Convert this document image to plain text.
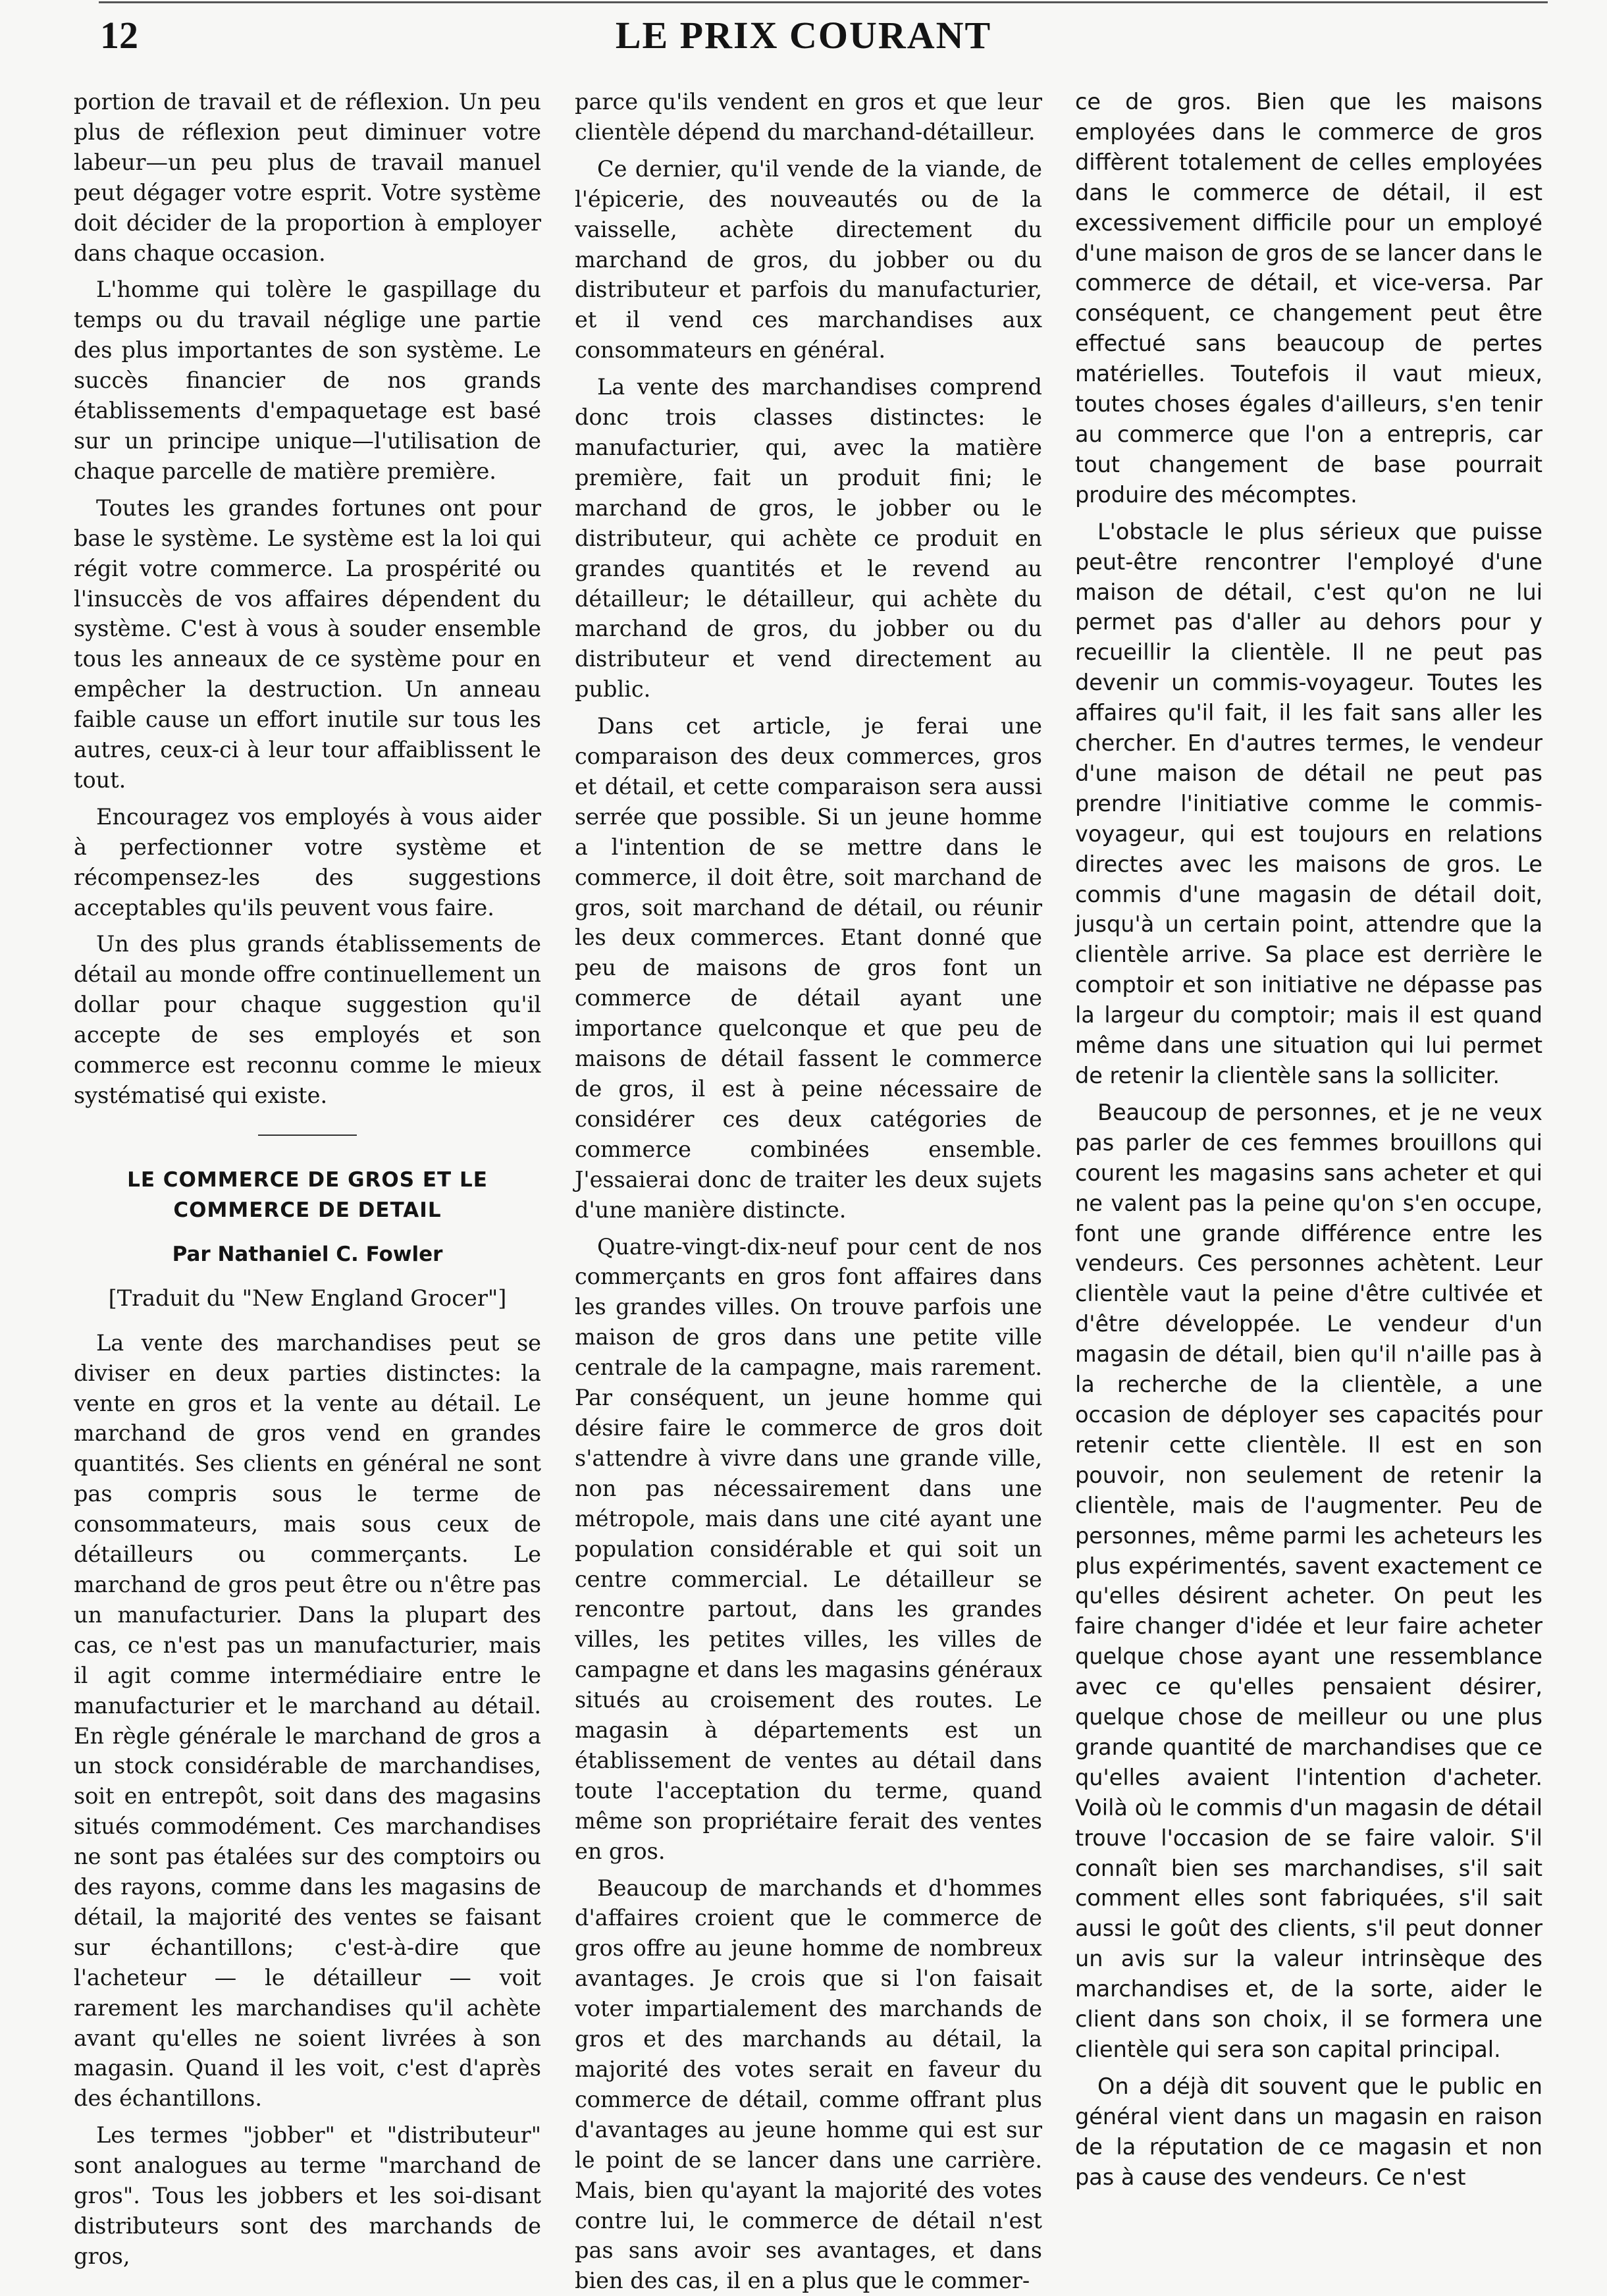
12	LE PRIX COURANT

portion de travail et de réflexion. Un peu plus de réflexion peut diminuer votre labeur—un peu plus de travail manuel peut dégager votre esprit. Votre système doit décider de la proportion à employer dans chaque occasion.

L'homme qui tolère le gaspillage du temps ou du travail néglige une partie des plus importantes de son système. Le succès financier de nos grands établissements d'empaquetage est basé sur un principe unique—l'utilisation de chaque parcelle de matière première.

Toutes les grandes fortunes ont pour base le système. Le système est la loi qui régit votre commerce. La prospérité ou l'insuccès de vos affaires dépendent du système. C'est à vous à souder ensemble tous les anneaux de ce système pour en empêcher la destruction. Un anneau faible cause un effort inutile sur tous les autres, ceux-ci à leur tour affaiblissent le tout.

Encouragez vos employés à vous aider à perfectionner votre système et récompensez-les des suggestions acceptables qu'ils peuvent vous faire.

Un des plus grands établissements de détail au monde offre continuellement un dollar pour chaque suggestion qu'il accepte de ses employés et son commerce est reconnu comme le mieux systématisé qui existe.

LE COMMERCE DE GROS ET LE COMMERCE DE DETAIL
Par Nathaniel C. Fowler
[Traduit du "New England Grocer"]

La vente des marchandises peut se diviser en deux parties distinctes: la vente en gros et la vente au détail. Le marchand de gros vend en grandes quantités. Ses clients en général ne sont pas compris sous le terme de consommateurs, mais sous ceux de détailleurs ou commerçants. Le marchand de gros peut être ou n'être pas un manufacturier. Dans la plupart des cas, ce n'est pas un manufacturier, mais il agit comme intermédiaire entre le manufacturier et le marchand au détail. En règle générale le marchand de gros a un stock considérable de marchandises, soit en entrepôt, soit dans des magasins situés commodément. Ces marchandises ne sont pas étalées sur des comptoirs ou des rayons, comme dans les magasins de détail, la majorité des ventes se faisant sur échantillons; c'est-à-dire que l'acheteur — le détailleur — voit rarement les marchandises qu'il achète avant qu'elles ne soient livrées à son magasin. Quand il les voit, c'est d'après des échantillons.

Les termes "jobber" et "distributeur" sont analogues au terme "marchand de gros". Tous les jobbers et les soi-disant distributeurs sont des marchands de gros,

parce qu'ils vendent en gros et que leur clientèle dépend du marchand-détailleur.

Ce dernier, qu'il vende de la viande, de l'épicerie, des nouveautés ou de la vaisselle, achète directement du marchand de gros, du jobber ou du distributeur et parfois du manufacturier, et il vend ces marchandises aux consommateurs en général.

La vente des marchandises comprend donc trois classes distinctes: le manufacturier, qui, avec la matière première, fait un produit fini; le marchand de gros, le jobber ou le distributeur, qui achète ce produit en grandes quantités et le revend au détailleur; le détailleur, qui achète du marchand de gros, du jobber ou du distributeur et vend directement au public.

Dans cet article, je ferai une comparaison des deux commerces, gros et détail, et cette comparaison sera aussi serrée que possible. Si un jeune homme a l'intention de se mettre dans le commerce, il doit être, soit marchand de gros, soit marchand de détail, ou réunir les deux commerces. Etant donné que peu de maisons de gros font un commerce de détail ayant une importance quelconque et que peu de maisons de détail fassent le commerce de gros, il est à peine nécessaire de considérer ces deux catégories de commerce combinées ensemble. J'essaierai donc de traiter les deux sujets d'une manière distincte.

Quatre-vingt-dix-neuf pour cent de nos commerçants en gros font affaires dans les grandes villes. On trouve parfois une maison de gros dans une petite ville centrale de la campagne, mais rarement. Par conséquent, un jeune homme qui désire faire le commerce de gros doit s'attendre à vivre dans une grande ville, non pas nécessairement dans une métropole, mais dans une cité ayant une population considérable et qui soit un centre commercial. Le détailleur se rencontre partout, dans les grandes villes, les petites villes, les villes de campagne et dans les magasins généraux situés au croisement des routes. Le magasin à départements est un établissement de ventes au détail dans toute l'acceptation du terme, quand même son propriétaire ferait des ventes en gros.

Beaucoup de marchands et d'hommes d'affaires croient que le commerce de gros offre au jeune homme de nombreux avantages. Je crois que si l'on faisait voter impartialement des marchands de gros et des marchands au détail, la majorité des votes serait en faveur du commerce de détail, comme offrant plus d'avantages au jeune homme qui est sur le point de se lancer dans une carrière. Mais, bien qu'ayant la majorité des votes contre lui, le commerce de détail n'est pas sans avoir ses avantages, et dans bien des cas, il en a plus que le commer-

ce de gros. Bien que les maisons employées dans le commerce de gros diffèrent totalement de celles employées dans le commerce de détail, il est excessivement difficile pour un employé d'une maison de gros de se lancer dans le commerce de détail, et vice-versa. Par conséquent, ce changement peut être effectué sans beaucoup de pertes matérielles. Toutefois il vaut mieux, toutes choses égales d'ailleurs, s'en tenir au commerce que l'on a entrepris, car tout changement de base pourrait produire des mécomptes.

L'obstacle le plus sérieux que puisse peut-être rencontrer l'employé d'une maison de détail, c'est qu'on ne lui permet pas d'aller au dehors pour y recueillir la clientèle. Il ne peut pas devenir un commis-voyageur. Toutes les affaires qu'il fait, il les fait sans aller les chercher. En d'autres termes, le vendeur d'une maison de détail ne peut pas prendre l'initiative comme le commis-voyageur, qui est toujours en relations directes avec les maisons de gros. Le commis d'une magasin de détail doit, jusqu'à un certain point, attendre que la clientèle arrive. Sa place est derrière le comptoir et son initiative ne dépasse pas la largeur du comptoir; mais il est quand même dans une situation qui lui permet de retenir la clientèle sans la solliciter.

Beaucoup de personnes, et je ne veux pas parler de ces femmes brouillons qui courent les magasins sans acheter et qui ne valent pas la peine qu'on s'en occupe, font une grande différence entre les vendeurs. Ces personnes achètent. Leur clientèle vaut la peine d'être cultivée et d'être développée. Le vendeur d'un magasin de détail, bien qu'il n'aille pas à la recherche de la clientèle, a une occasion de déployer ses capacités pour retenir cette clientèle. Il est en son pouvoir, non seulement de retenir la clientèle, mais de l'augmenter. Peu de personnes, même parmi les acheteurs les plus expérimentés, savent exactement ce qu'elles désirent acheter. On peut les faire changer d'idée et leur faire acheter quelque chose ayant une ressemblance avec ce qu'elles pensaient désirer, quelque chose de meilleur ou une plus grande quantité de marchandises que ce qu'elles avaient l'intention d'acheter. Voilà où le commis d'un magasin de détail trouve l'occasion de se faire valoir. S'il connaît bien ses marchandises, s'il sait comment elles sont fabriquées, s'il sait aussi le goût des clients, s'il peut donner un avis sur la valeur intrinsèque des marchandises et, de la sorte, aider le client dans son choix, il se formera une clientèle qui sera son capital principal.

On a déjà dit souvent que le public en général vient dans un magasin en raison de la réputation de ce magasin et non pas à cause des vendeurs. Ce n'est
